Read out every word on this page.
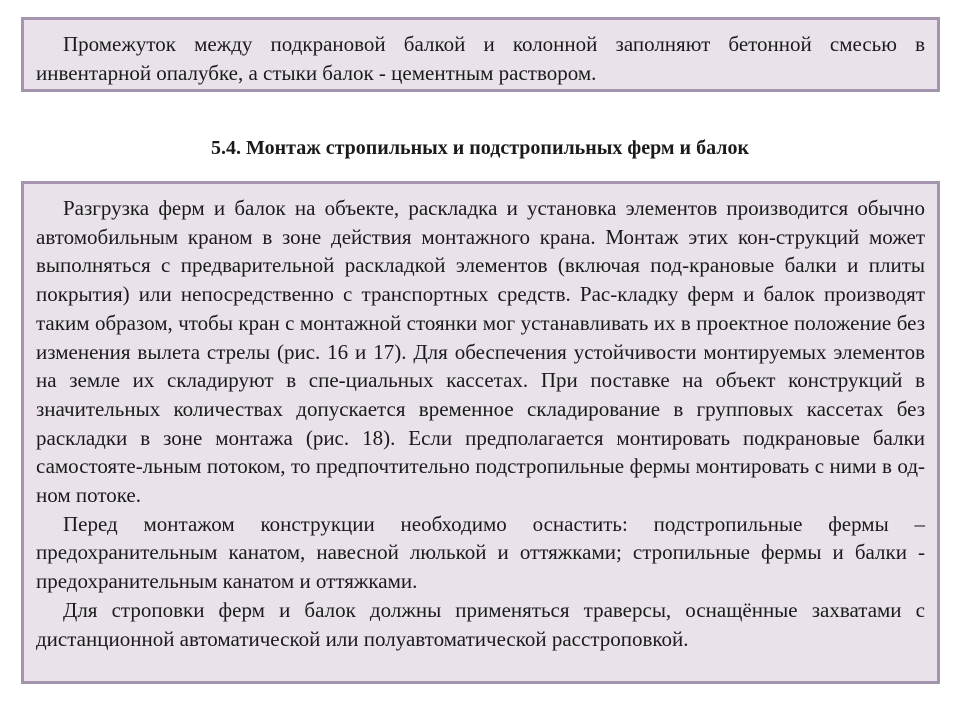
Промежуток между подкрановой балкой и колонной заполняют бетонной смесью в инвентарной опалубке, а стыки балок - цементным раствором.

5.4. Монтаж стропильных и подстропильных ферм и балок

Разгрузка ферм и балок на объекте, раскладка и установка элементов производится обычно автомобильным краном в зоне действия монтажного крана. Монтаж этих кон-струкций может выполняться с предварительной раскладкой элементов (включая под-крановые балки и плиты покрытия) или непосредственно с транспортных средств. Рас-кладку ферм и балок производят таким образом, чтобы кран с монтажной стоянки мог устанавливать их в проектное положение без изменения вылета стрелы (рис. 16 и 17). Для обеспечения устойчивости монтируемых элементов на земле их складируют в спе-циальных кассетах. При поставке на объект конструкций в значительных количествах допускается временное складирование в групповых кассетах без раскладки в зоне монтажа (рис. 18). Если предполагается монтировать подкрановые балки самостояте-льным потоком, то предпочтительно подстропильные фермы монтировать с ними в од-ном потоке.

Перед монтажом конструкции необходимо оснастить: подстропильные фермы – предохранительным канатом, навесной люлькой и оттяжками; стропильные фермы и балки - предохранительным канатом и оттяжками.

Для строповки ферм и балок должны применяться траверсы, оснащённые захватами с дистанционной автоматической или полуавтоматической расстроповкой.
